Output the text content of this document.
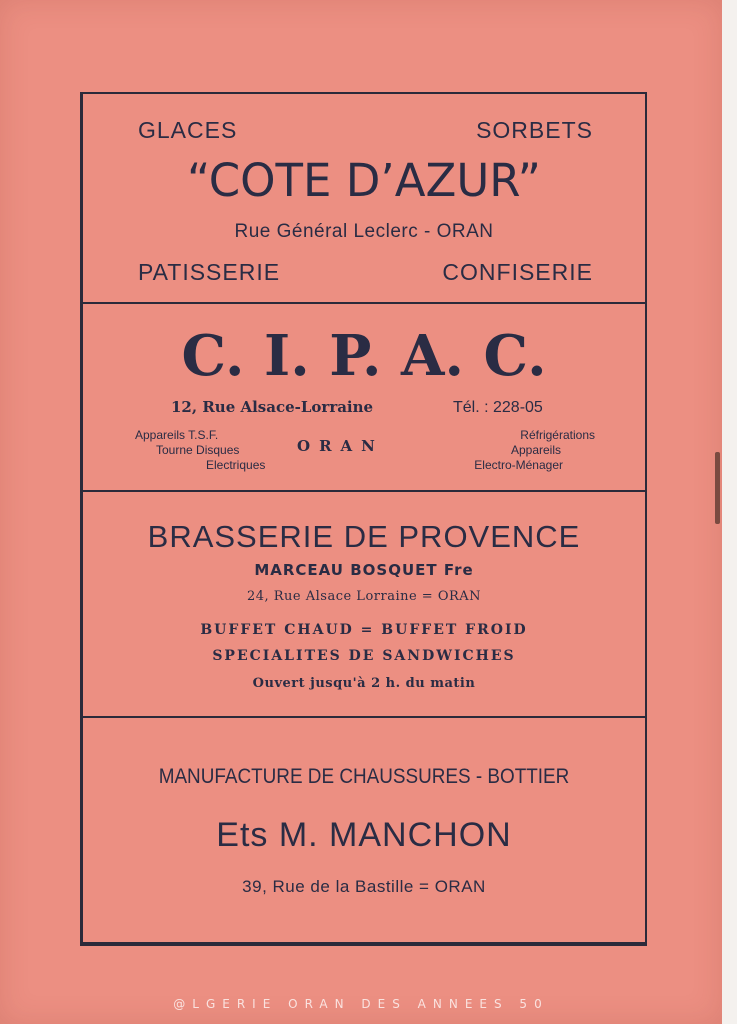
GLACES	SORBETS
“COTE D’AZUR”
Rue Général Leclerc - ORAN
PATISSERIE	CONFISERIE
C. I. P. A. C.
12, Rue Alsace-Lorraine	Tél. : 228-05
Appareils T.S.F.
Tourne Disques
Electriques
ORAN
Réfrigérations
Appareils
Electro-Ménager
BRASSERIE DE PROVENCE
MARCEAU BOSQUET Fre
24, Rue Alsace Lorraine = ORAN
BUFFET CHAUD = BUFFET FROID
SPECIALITES DE SANDWICHES
Ouvert jusqu'à 2 h. du matin
MANUFACTURE DE CHAUSSURES - BOTTIER
Ets M. MANCHON
39, Rue de la Bastille = ORAN
@LGERIE ORAN DES ANNEES 50
